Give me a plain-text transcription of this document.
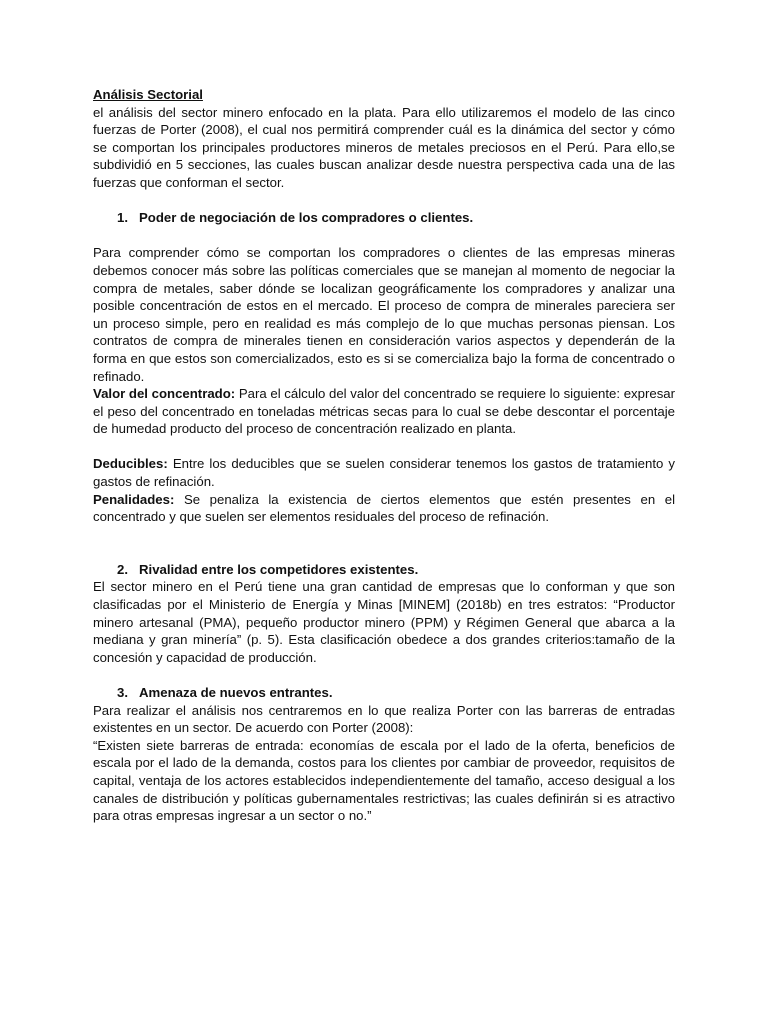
Análisis Sectorial

el análisis del sector minero enfocado en la plata. Para ello utilizaremos el modelo de las cinco fuerzas de Porter (2008), el cual nos permitirá comprender cuál es la dinámica del sector y cómo se comportan los principales productores mineros de metales preciosos en el Perú. Para ello,se subdividió en 5 secciones, las cuales buscan analizar desde nuestra perspectiva cada una de las fuerzas que conforman el sector.

1. Poder de negociación de los compradores o clientes.

Para comprender cómo se comportan los compradores o clientes de las empresas mineras debemos conocer más sobre las políticas comerciales que se manejan al momento de negociar la compra de metales, saber dónde se localizan geográficamente los compradores y analizar una posible concentración de estos en el mercado. El proceso de compra de minerales pareciera ser un proceso simple, pero en realidad es más complejo de lo que muchas personas piensan. Los contratos de compra de minerales tienen en consideración varios aspectos y dependerán de la forma en que estos son comercializados, esto es si se comercializa bajo la forma de concentrado o refinado.

Valor del concentrado: Para el cálculo del valor del concentrado se requiere lo siguiente: expresar el peso del concentrado en toneladas métricas secas para lo cual se debe descontar el porcentaje de humedad producto del proceso de concentración realizado en planta.

Deducibles: Entre los deducibles que se suelen considerar tenemos los gastos de tratamiento y gastos de refinación.

Penalidades: Se penaliza la existencia de ciertos elementos que estén presentes en el concentrado y que suelen ser elementos residuales del proceso de refinación.

2. Rivalidad entre los competidores existentes.

El sector minero en el Perú tiene una gran cantidad de empresas que lo conforman y que son clasificadas por el Ministerio de Energía y Minas [MINEM] (2018b) en tres estratos: “Productor minero artesanal (PMA), pequeño productor minero (PPM) y Régimen General que abarca a la mediana y gran minería” (p. 5). Esta clasificación obedece a dos grandes criterios:tamaño de la concesión y capacidad de producción.

3. Amenaza de nuevos entrantes.

Para realizar el análisis nos centraremos en lo que realiza Porter con las barreras de entradas existentes en un sector. De acuerdo con Porter (2008):

“Existen siete barreras de entrada: economías de escala por el lado de la oferta, beneficios de escala por el lado de la demanda, costos para los clientes por cambiar de proveedor, requisitos de capital, ventaja de los actores establecidos independientemente del tamaño, acceso desigual a los canales de distribución y políticas gubernamentales restrictivas; las cuales definirán si es atractivo para otras empresas ingresar a un sector o no.”
